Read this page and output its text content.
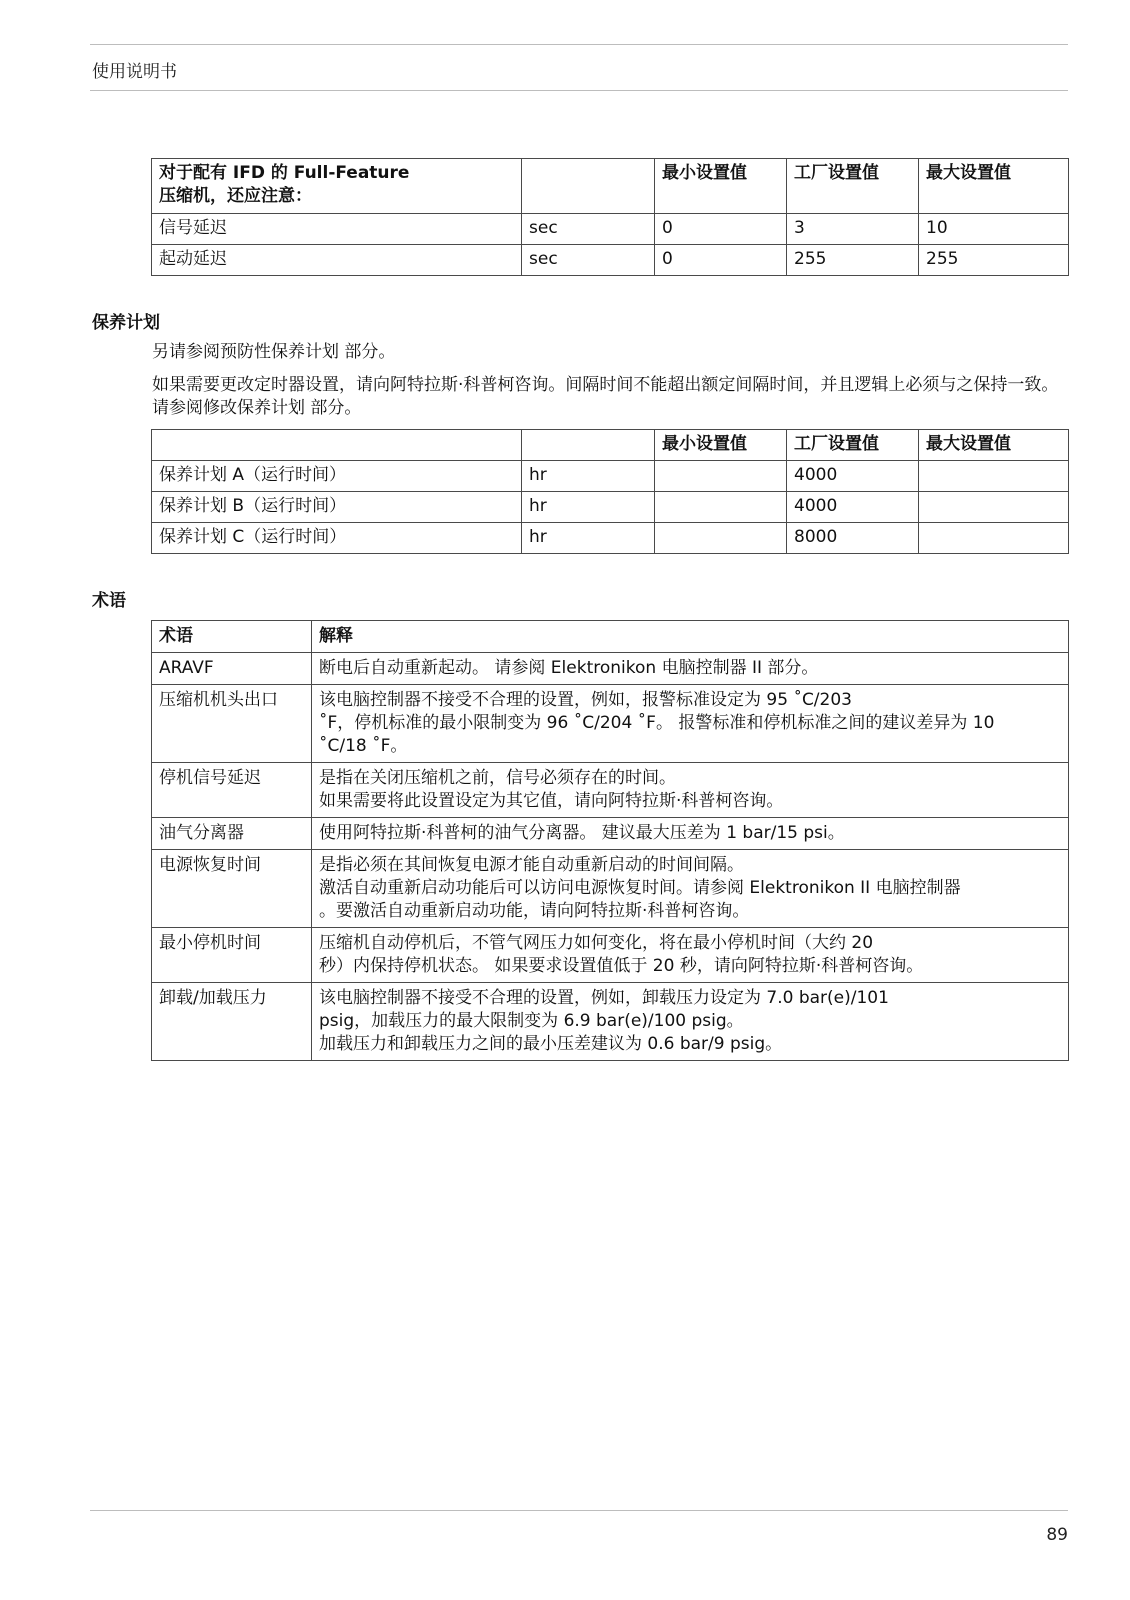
使用说明书
对于配有 IFD 的 Full-Feature
压缩机，还应注意：		最小设置值	工厂设置值	最大设置值
信号延迟	sec	0	3	10
起动延迟	sec	0	255	255
保养计划

另请参阅预防性保养计划 部分。

如果需要更改定时器设置，请向阿特拉斯·科普柯咨询。间隔时间不能超出额定间隔时间，并且逻辑上必须与之保持一致。 请参阅修改保养计划 部分。

		最小设置值	工厂设置值	最大设置值
保养计划 A（运行时间）	hr		4000	
保养计划 B（运行时间）	hr		4000	
保养计划 C（运行时间）	hr		8000	
术语
术语	解释
ARAVF	断电后自动重新起动。 请参阅 Elektronikon 电脑控制器 II 部分。

压缩机机头出口	该电脑控制器不接受不合理的设置，例如，报警标准设定为 95 ˚C/203
˚F，停机标准的最小限制变为 96 ˚C/204 ˚F。 报警标准和停机标准之间的建议差异为 10
˚C/18 ˚F。

停机信号延迟	是指在关闭压缩机之前，信号必须存在的时间。
如果需要将此设置设定为其它值，请向阿特拉斯·科普柯咨询。

油气分离器	使用阿特拉斯·科普柯的油气分离器。 建议最大压差为 1 bar/15 psi。

电源恢复时间	是指必须在其间恢复电源才能自动重新启动的时间间隔。
激活自动重新启动功能后可以访问电源恢复时间。请参阅 Elektronikon II 电脑控制器
。要激活自动重新启动功能，请向阿特拉斯·科普柯咨询。

最小停机时间	压缩机自动停机后，不管气网压力如何变化，将在最小停机时间（大约 20
秒）内保持停机状态。 如果要求设置值低于 20 秒，请向阿特拉斯·科普柯咨询。

卸载/加载压力	该电脑控制器不接受不合理的设置，例如，卸载压力设定为 7.0 bar(e)/101
psig，加载压力的最大限制变为 6.9 bar(e)/100 psig。
加载压力和卸载压力之间的最小压差建议为 0.6 bar/9 psig。
89
